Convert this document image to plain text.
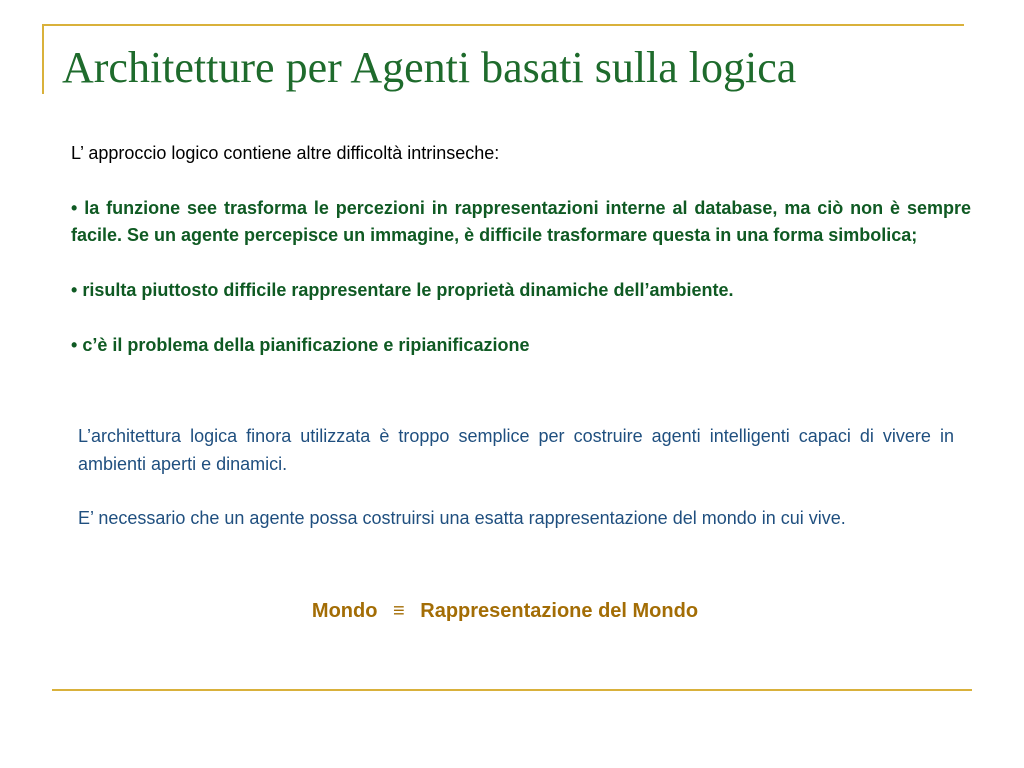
Architetture per Agenti basati sulla logica

L’ approccio logico contiene altre difficoltà intrinseche:

• la funzione see trasforma le percezioni in rappresentazioni interne al database, ma ciò non è sempre facile. Se un agente percepisce un immagine, è difficile trasformare questa in una forma simbolica;

• risulta piuttosto difficile rappresentare le proprietà dinamiche dell’ambiente.

• c’è il problema della pianificazione e ripianificazione

L’architettura logica finora utilizzata è troppo semplice per costruire agenti intelligenti capaci di vivere in ambienti aperti e dinamici.

E’ necessario che un agente possa costruirsi una esatta rappresentazione del mondo in cui vive.

Mondo ≡ Rappresentazione del Mondo
